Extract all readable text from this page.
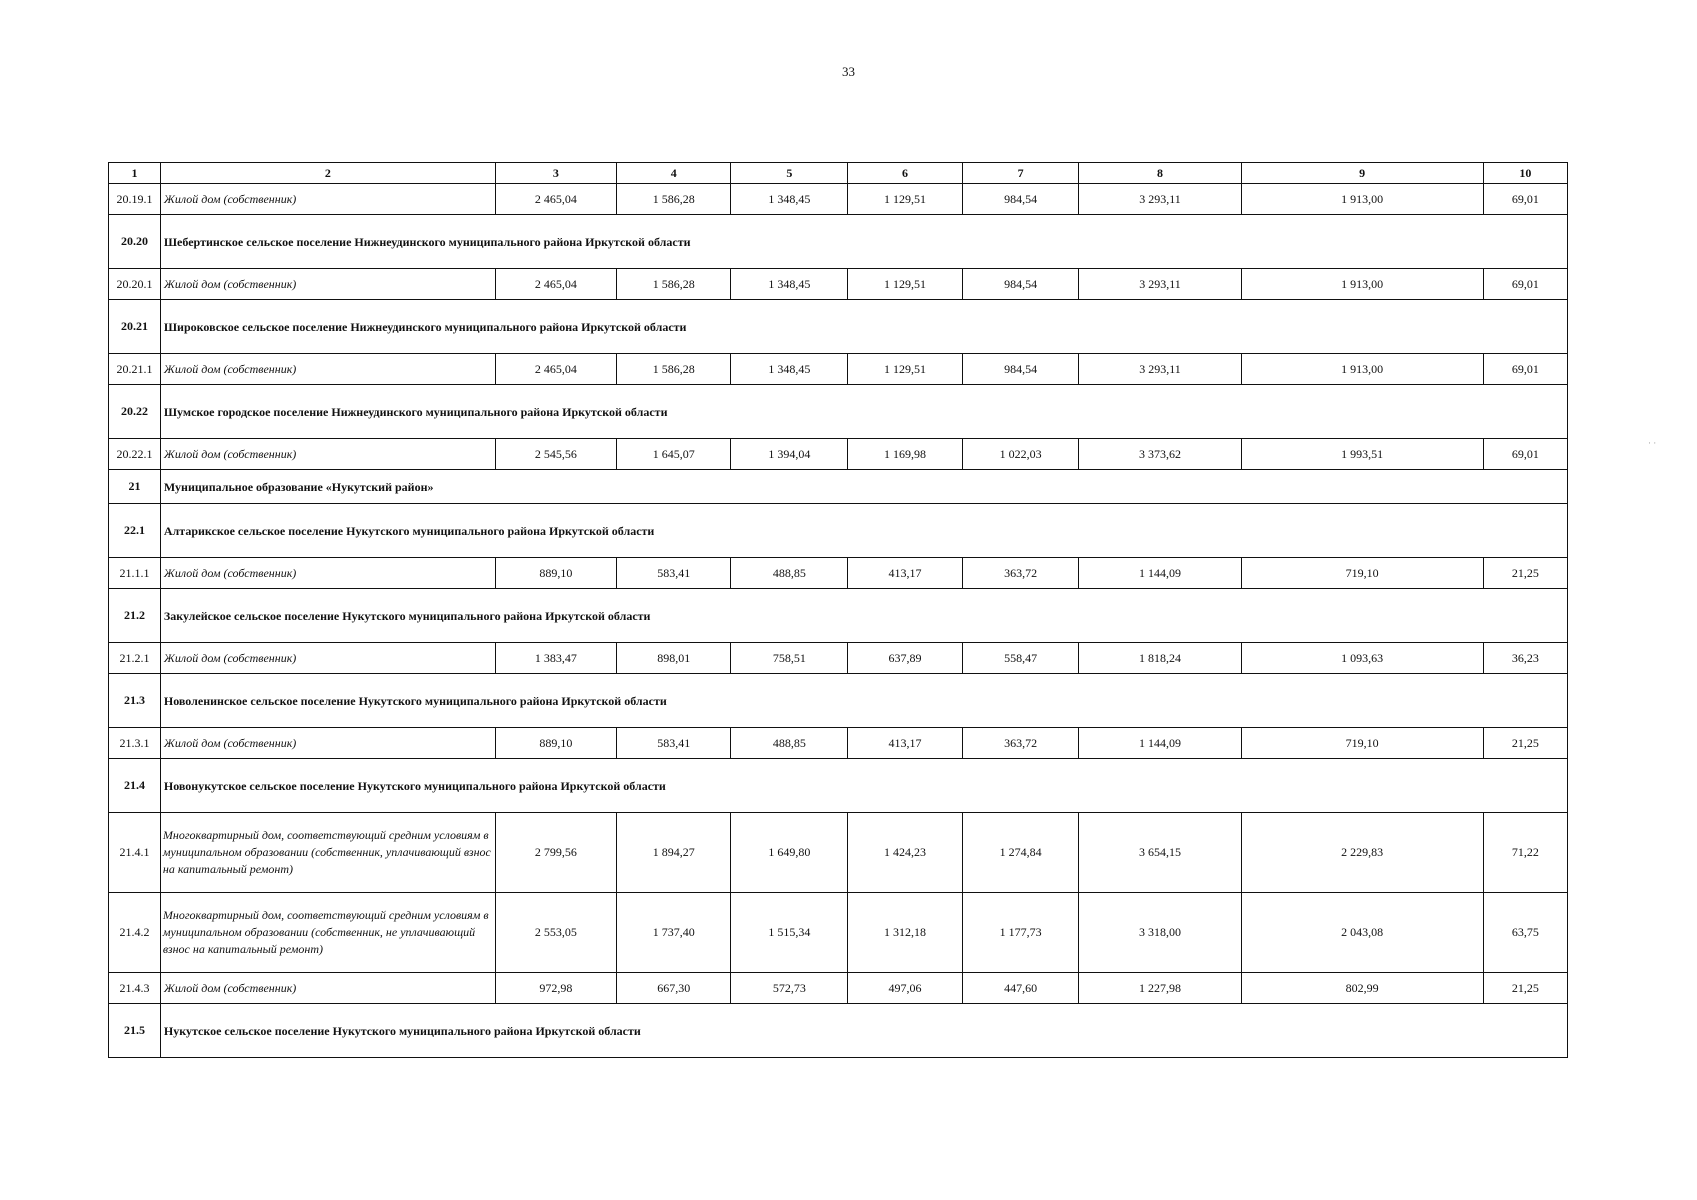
33
· ·
1	2	3	4	5	6	7	8	9	10
20.19.1	Жилой дом (собственник)	2 465,04	1 586,28	1 348,45	1 129,51	984,54	3 293,11	1 913,00	69,01
20.20	Шебертинское сельское поселение Нижнеудинского муниципального района Иркутской области								
20.20.1	Жилой дом (собственник)	2 465,04	1 586,28	1 348,45	1 129,51	984,54	3 293,11	1 913,00	69,01
20.21	Широковское сельское поселение Нижнеудинского муниципального района Иркутской области								
20.21.1	Жилой дом (собственник)	2 465,04	1 586,28	1 348,45	1 129,51	984,54	3 293,11	1 913,00	69,01
20.22	Шумское городское поселение Нижнеудинского муниципального района Иркутской области								
20.22.1	Жилой дом (собственник)	2 545,56	1 645,07	1 394,04	1 169,98	1 022,03	3 373,62	1 993,51	69,01
21	Муниципальное образование «Нукутский район»								
22.1	Алтарикское сельское поселение Нукутского муниципального района Иркутской области								
21.1.1	Жилой дом (собственник)	889,10	583,41	488,85	413,17	363,72	1 144,09	719,10	21,25
21.2	Закулейское сельское поселение Нукутского муниципального района Иркутской области								
21.2.1	Жилой дом (собственник)	1 383,47	898,01	758,51	637,89	558,47	1 818,24	1 093,63	36,23
21.3	Новоленинское сельское поселение Нукутского муниципального района Иркутской области								
21.3.1	Жилой дом (собственник)	889,10	583,41	488,85	413,17	363,72	1 144,09	719,10	21,25
21.4	Новонукутское сельское поселение Нукутского муниципального района Иркутской области								
21.4.1	Многоквартирный дом, соответствующий средним условиям в муниципальном образовании (собственник, уплачивающий взнос на капитальный ремонт)	2 799,56	1 894,27	1 649,80	1 424,23	1 274,84	3 654,15	2 229,83	71,22
21.4.2	Многоквартирный дом, соответствующий средним условиям в муниципальном образовании (собственник, не уплачивающий взнос на капитальный ремонт)	2 553,05	1 737,40	1 515,34	1 312,18	1 177,73	3 318,00	2 043,08	63,75
21.4.3	Жилой дом (собственник)	972,98	667,30	572,73	497,06	447,60	1 227,98	802,99	21,25
21.5	Нукутское сельское поселение Нукутского муниципального района Иркутской области								
